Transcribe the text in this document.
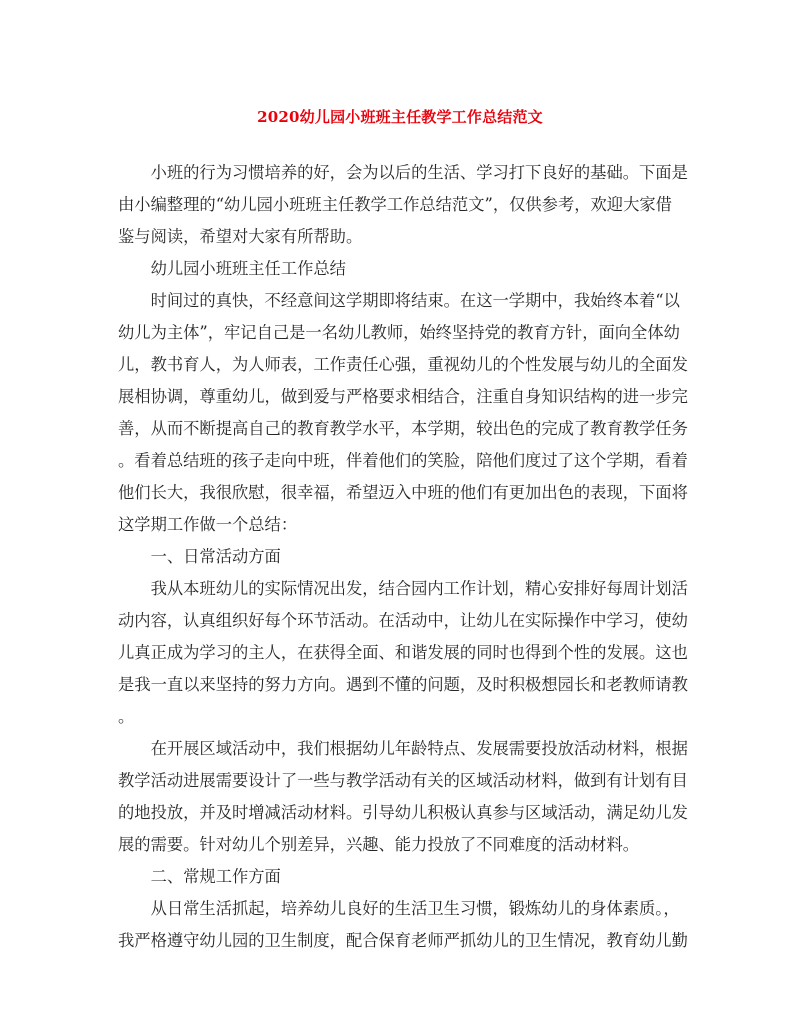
2020幼儿园小班班主任教学工作总结范文
　　小班的行为习惯培养的好，会为以后的生活、学习打下良好的基础。下面是
由小编整理的“幼儿园小班班主任教学工作总结范文”，仅供参考，欢迎大家借
鉴与阅读，希望对大家有所帮助。
　　幼儿园小班班主任工作总结
　　时间过的真快，不经意间这学期即将结束。在这一学期中，我始终本着“以
幼儿为主体”，牢记自己是一名幼儿教师，始终坚持党的教育方针，面向全体幼
儿，教书育人，为人师表，工作责任心强，重视幼儿的个性发展与幼儿的全面发
展相协调，尊重幼儿，做到爱与严格要求相结合，注重自身知识结构的进一步完
善，从而不断提高自己的教育教学水平，本学期，较出色的完成了教育教学任务
。看着总结班的孩子走向中班，伴着他们的笑脸，陪他们度过了这个学期，看着
他们长大，我很欣慰，很幸福，希望迈入中班的他们有更加出色的表现，下面将
这学期工作做一个总结：
　　一、日常活动方面
　　我从本班幼儿的实际情况出发，结合园内工作计划，精心安排好每周计划活
动内容，认真组织好每个环节活动。在活动中，让幼儿在实际操作中学习，使幼
儿真正成为学习的主人，在获得全面、和谐发展的同时也得到个性的发展。这也
是我一直以来坚持的努力方向。遇到不懂的问题，及时积极想园长和老教师请教
。
　　在开展区域活动中，我们根据幼儿年龄特点、发展需要投放活动材料，根据
教学活动进展需要设计了一些与教学活动有关的区域活动材料，做到有计划有目
的地投放，并及时增减活动材料。引导幼儿积极认真参与区域活动，满足幼儿发
展的需要。针对幼儿个别差异，兴趣、能力投放了不同难度的活动材料。
　　二、常规工作方面
　　从日常生活抓起，培养幼儿良好的生活卫生习惯，锻炼幼儿的身体素质。，
我严格遵守幼儿园的卫生制度，配合保育老师严抓幼儿的卫生情况，教育幼儿勤
